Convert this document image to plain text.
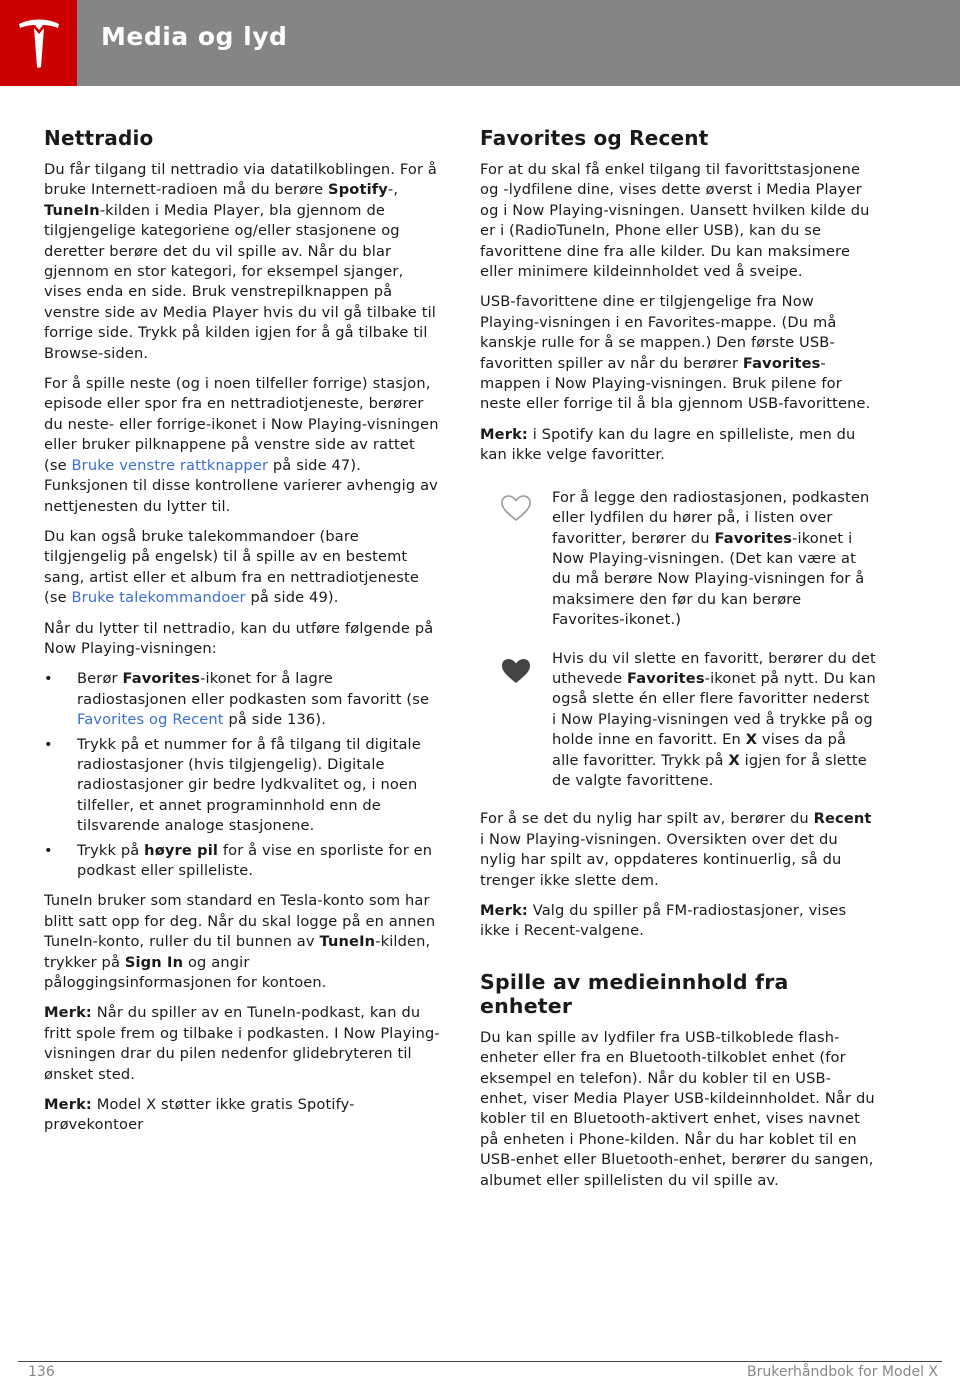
Media og lyd
Nettradio

Du får tilgang til nettradio via datatilkoblingen. For å bruke Internett-radioen må du berøre Spotify-, TuneIn-kilden i Media Player, bla gjennom de tilgjengelige kategoriene og/eller stasjonene og deretter berøre det du vil spille av. Når du blar gjennom en stor kategori, for eksempel sjanger, vises enda en side. Bruk venstrepilknappen på venstre side av Media Player hvis du vil gå tilbake til forrige side. Trykk på kilden igjen for å gå tilbake til Browse-siden.

For å spille neste (og i noen tilfeller forrige) stasjon, episode eller spor fra en nettradiotjeneste, berører du neste- eller forrige-ikonet i Now Playing-visningen eller bruker pilknappene på venstre side av rattet (se Bruke venstre rattknapper på side 47). Funksjonen til disse kontrollene varierer avhengig av nettjenesten du lytter til.

Du kan også bruke talekommandoer (bare tilgjengelig på engelsk) til å spille av en bestemt sang, artist eller et album fra en nettradiotjeneste (se Bruke talekommandoer på side 49).

Når du lytter til nettradio, kan du utføre følgende på Now Playing-visningen:

• Berør Favorites-ikonet for å lagre radiostasjonen eller podkasten som favoritt (se Favorites og Recent på side 136).
• Trykk på et nummer for å få tilgang til digitale radiostasjoner (hvis tilgjengelig). Digitale radiostasjoner gir bedre lydkvalitet og, i noen tilfeller, et annet programinnhold enn de tilsvarende analoge stasjonene.
• Trykk på høyre pil for å vise en sporliste for en podkast eller spilleliste.

TuneIn bruker som standard en Tesla-konto som har blitt satt opp for deg. Når du skal logge på en annen TuneIn-konto, ruller du til bunnen av TuneIn-kilden, trykker på Sign In og angir påloggingsinformasjonen for kontoen.

Merk: Når du spiller av en TuneIn-podkast, kan du fritt spole frem og tilbake i podkasten. I Now Playing-visningen drar du pilen nedenfor glidebryteren til ønsket sted.

Merk: Model X støtter ikke gratis Spotify-prøvekontoer

Favorites og Recent

For at du skal få enkel tilgang til favorittstasjonene og -lydfilene dine, vises dette øverst i Media Player og i Now Playing-visningen. Uansett hvilken kilde du er i (RadioTuneIn, Phone eller USB), kan du se favorittene dine fra alle kilder. Du kan maksimere eller minimere kildeinnholdet ved å sveipe.

USB-favorittene dine er tilgjengelige fra Now Playing-visningen i en Favorites-mappe. (Du må kanskje rulle for å se mappen.) Den første USB-favoritten spiller av når du berører Favorites-mappen i Now Playing-visningen. Bruk pilene for neste eller forrige til å bla gjennom USB-favorittene.

Merk: i Spotify kan du lagre en spilleliste, men du kan ikke velge favoritter.

For å legge den radiostasjonen, podkasten eller lydfilen du hører på, i listen over favoritter, berører du Favorites-ikonet i Now Playing-visningen. (Det kan være at du må berøre Now Playing-visningen for å maksimere den før du kan berøre Favorites-ikonet.)
Hvis du vil slette en favoritt, berører du det uthevede Favorites-ikonet på nytt. Du kan også slette én eller flere favoritter nederst i Now Playing-visningen ved å trykke på og holde inne en favoritt. En X vises da på alle favoritter. Trykk på X igjen for å slette de valgte favorittene.

For å se det du nylig har spilt av, berører du Recent i Now Playing-visningen. Oversikten over det du nylig har spilt av, oppdateres kontinuerlig, så du trenger ikke slette dem.

Merk: Valg du spiller på FM-radiostasjoner, vises ikke i Recent-valgene.

Spille av medieinnhold fra enheter

Du kan spille av lydfiler fra USB-tilkoblede flash-enheter eller fra en Bluetooth-tilkoblet enhet (for eksempel en telefon). Når du kobler til en USB-enhet, viser Media Player USB-kildeinnholdet. Når du kobler til en Bluetooth-aktivert enhet, vises navnet på enheten i Phone-kilden. Når du har koblet til en USB-enhet eller Bluetooth-enhet, berører du sangen, albumet eller spillelisten du vil spille av.

136	Brukerhåndbok for Model X
